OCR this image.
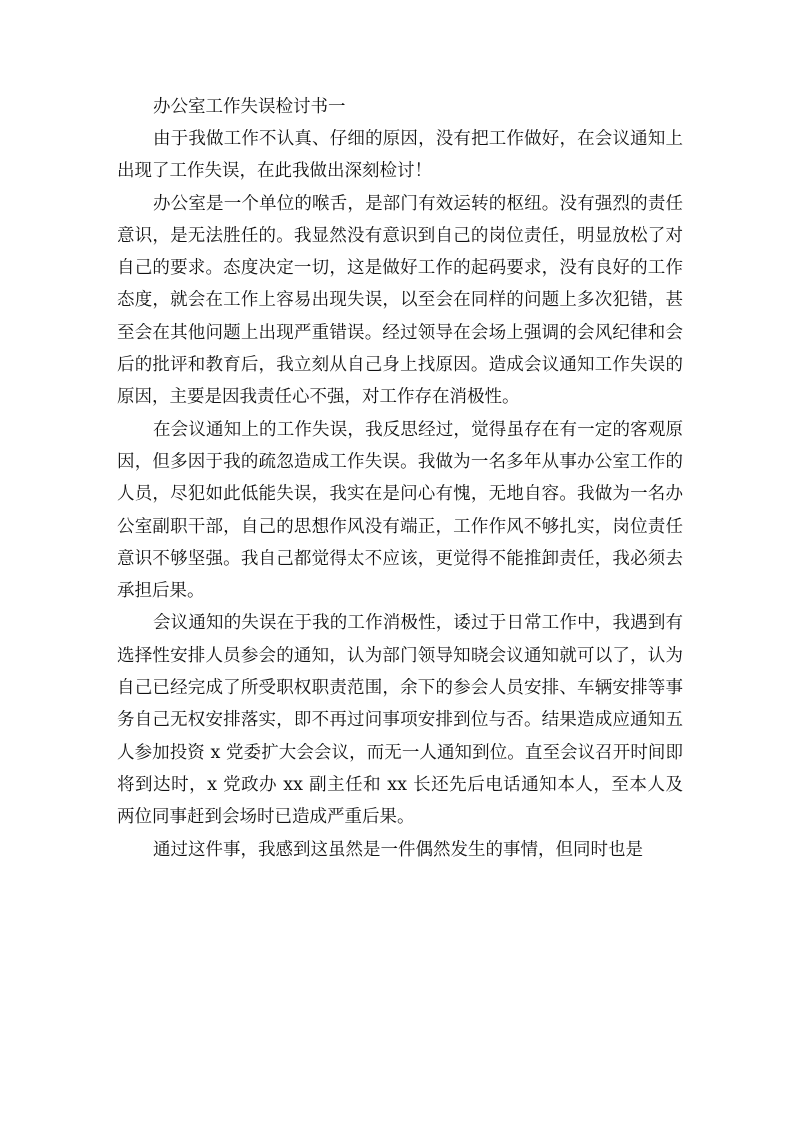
办公室工作失误检讨书一

由于我做工作不认真、仔细的原因，没有把工作做好，在会议通知上出现了工作失误，在此我做出深刻检讨！

办公室是一个单位的喉舌，是部门有效运转的枢纽。没有强烈的责任意识，是无法胜任的。我显然没有意识到自己的岗位责任，明显放松了对自己的要求。态度决定一切，这是做好工作的起码要求，没有良好的工作态度，就会在工作上容易出现失误，以至会在同样的问题上多次犯错，甚至会在其他问题上出现严重错误。经过领导在会场上强调的会风纪律和会后的批评和教育后，我立刻从自己身上找原因。造成会议通知工作失误的原因，主要是因我责任心不强，对工作存在消极性。

在会议通知上的工作失误，我反思经过，觉得虽存在有一定的客观原因，但多因于我的疏忽造成工作失误。我做为一名多年从事办公室工作的人员，尽犯如此低能失误，我实在是问心有愧，无地自容。我做为一名办公室副职干部，自己的思想作风没有端正，工作作风不够扎实，岗位责任意识不够坚强。我自己都觉得太不应该，更觉得不能推卸责任，我必须去承担后果。

会议通知的失误在于我的工作消极性，诿过于日常工作中，我遇到有选择性安排人员参会的通知，认为部门领导知晓会议通知就可以了，认为自己已经完成了所受职权职责范围，余下的参会人员安排、车辆安排等事务自己无权安排落实，即不再过问事项安排到位与否。结果造成应通知五人参加投资 x 党委扩大会会议，而无一人通知到位。直至会议召开时间即将到达时，x 党政办 xx 副主任和 xx 长还先后电话通知本人，至本人及两位同事赶到会场时已造成严重后果。

通过这件事，我感到这虽然是一件偶然发生的事情，但同时也是
